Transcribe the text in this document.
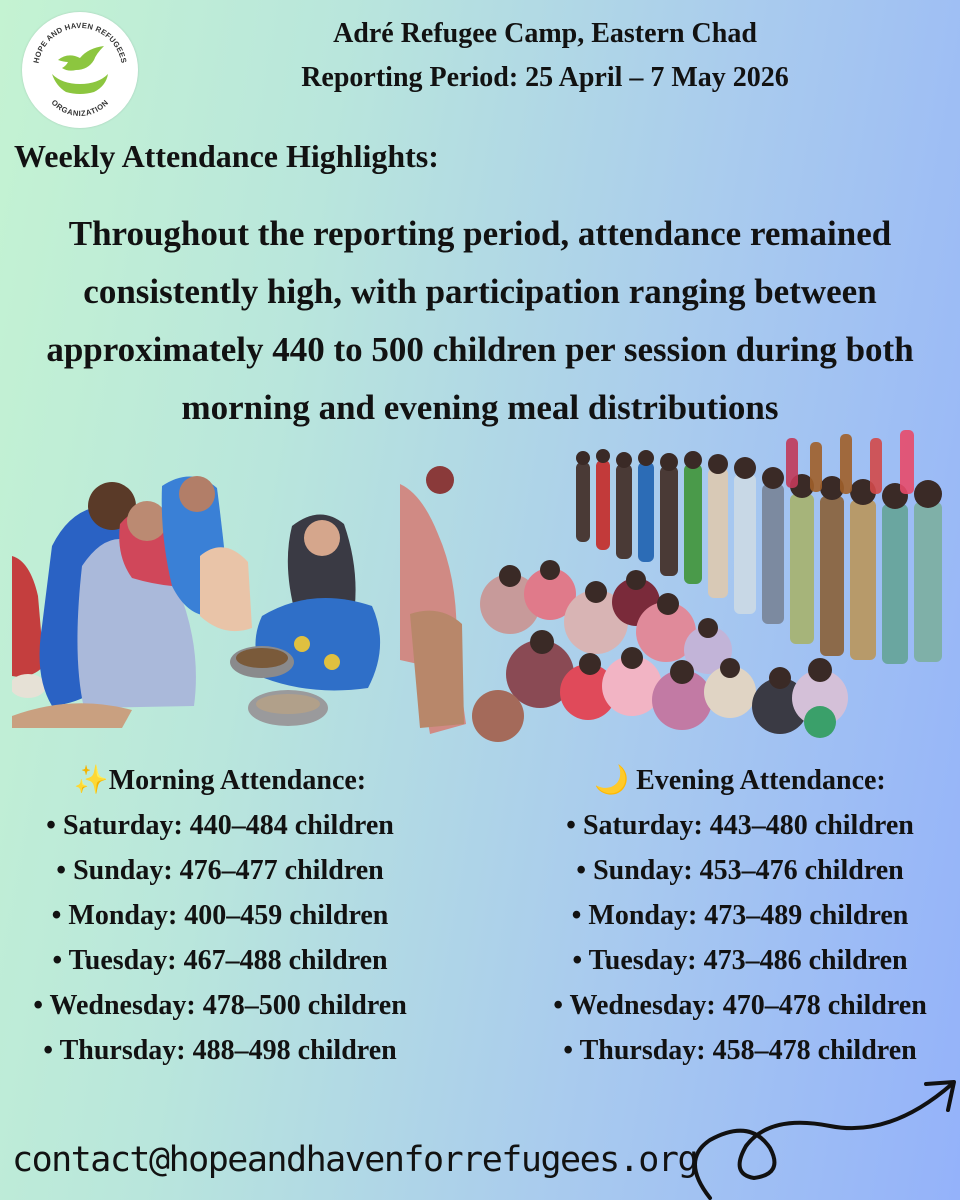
HOPE AND HAVEN REFUGEES
ORGANIZATION
Adré Refugee Camp, Eastern Chad
Reporting Period: 25 April – 7 May 2026
Weekly Attendance Highlights:
Throughout the reporting period, attendance remained
consistently high, with participation ranging between
approximately 440 to 500 children per session during both
morning and evening meal distributions
✨Morning Attendance:
• Saturday: 440–484 children
• Sunday: 476–477 children
• Monday: 400–459 children
• Tuesday: 467–488 children
• Wednesday: 478–500 children
• Thursday: 488–498 children
🌙 Evening Attendance:
• Saturday: 443–480 children
• Sunday: 453–476 children
• Monday: 473–489 children
• Tuesday: 473–486 children
• Wednesday: 470–478 children
• Thursday: 458–478 children
contact@hopeandhavenforrefugees.org
